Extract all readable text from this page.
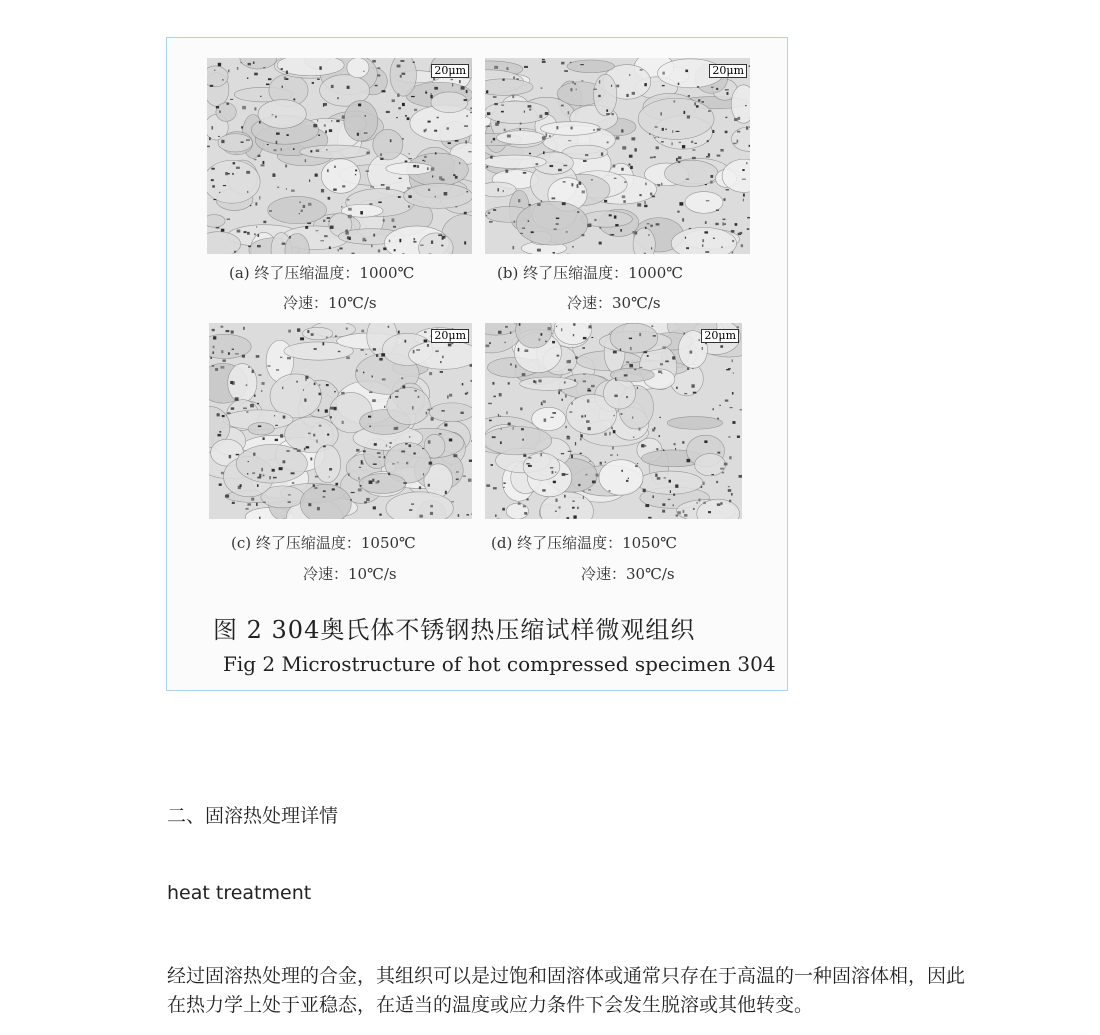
20μm	20μm
(a) 终了压缩温度：1000℃
冷速：10℃/s
(b) 终了压缩温度：1000℃
冷速：30℃/s
20μm	20μm
(c) 终了压缩温度：1050℃
冷速：10℃/s
(d) 终了压缩温度：1050℃
冷速：30℃/s
图 2 304奥氏体不锈钢热压缩试样微观组织
Fig 2 Microstructure of hot compressed specimen 304
二、固溶热处理详情
heat treatment
经过固溶热处理的合金，其组织可以是过饱和固溶体或通常只存在于高温的一种固溶体相，因此在热力学上处于亚稳态，在适当的温度或应力条件下会发生脱溶或其他转变。
